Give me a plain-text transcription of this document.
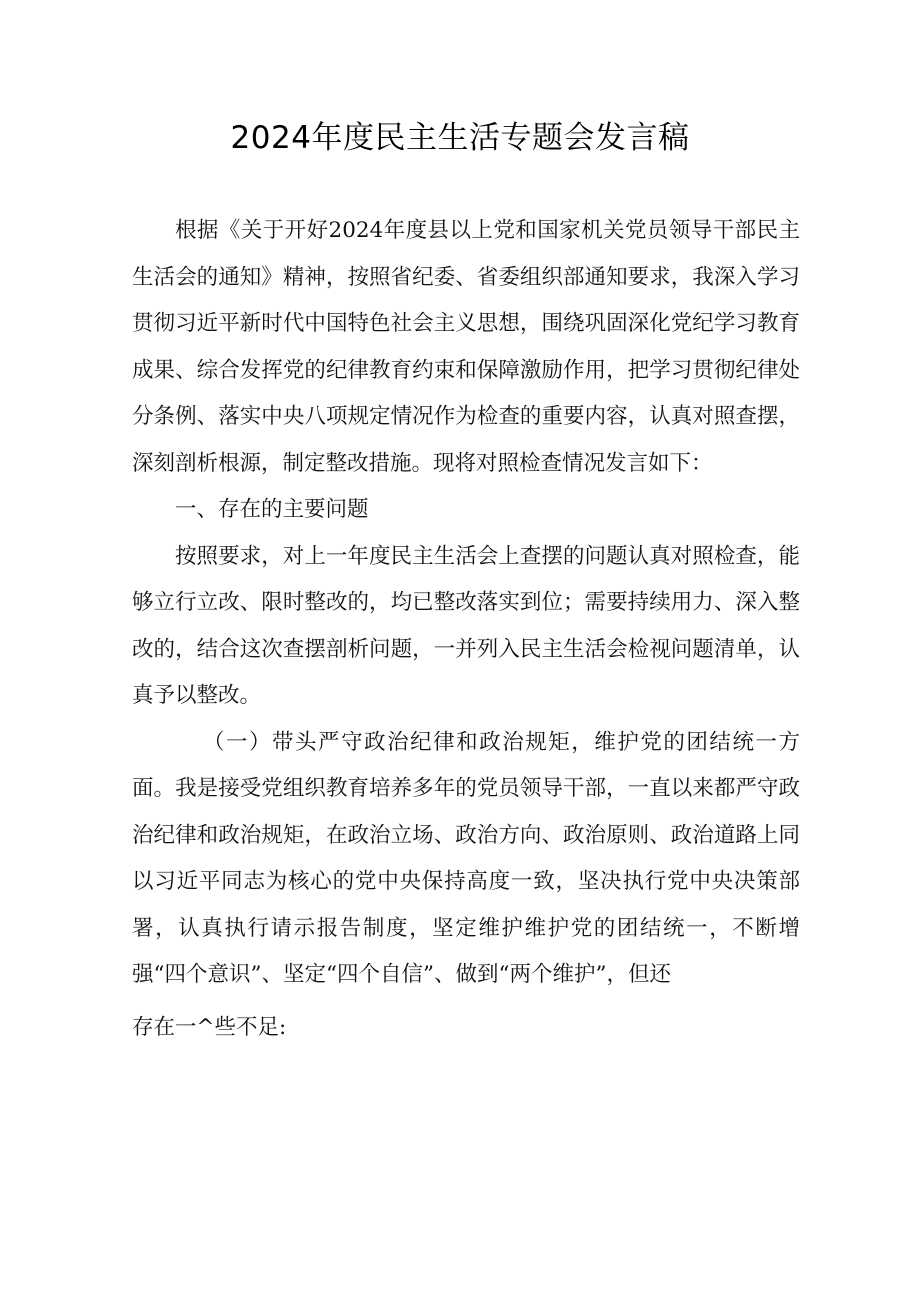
2024年度民主生活专题会发言稿

根据《关于开好2024年度县以上党和国家机关党员领导干部民主生活会的通知》精神，按照省纪委、省委组织部通知要求，我深入学习贯彻习近平新时代中国特色社会主义思想，围绕巩固深化党纪学习教育成果、综合发挥党的纪律教育约束和保障激励作用，把学习贯彻纪律处分条例、落实中央八项规定情况作为检查的重要内容，认真对照查摆，深刻剖析根源，制定整改措施。现将对照检查情况发言如下：

一、存在的主要问题

按照要求，对上一年度民主生活会上查摆的问题认真对照检查，能够立行立改、限时整改的，均已整改落实到位；需要持续用力、深入整改的，结合这次查摆剖析问题，一并列入民主生活会检视问题清单，认真予以整改。

（一）带头严守政治纪律和政治规矩，维护党的团结统一方面。我是接受党组织教育培养多年的党员领导干部，一直以来都严守政治纪律和政治规矩，在政治立场、政治方向、政治原则、政治道路上同以习近平同志为核心的党中央保持高度一致，坚决执行党中央决策部署，认真执行请示报告制度，坚定维护维护党的团结统一，不断增强“四个意识”、坚定“四个自信”、做到“两个维护”，但还

存在一^些不足:
